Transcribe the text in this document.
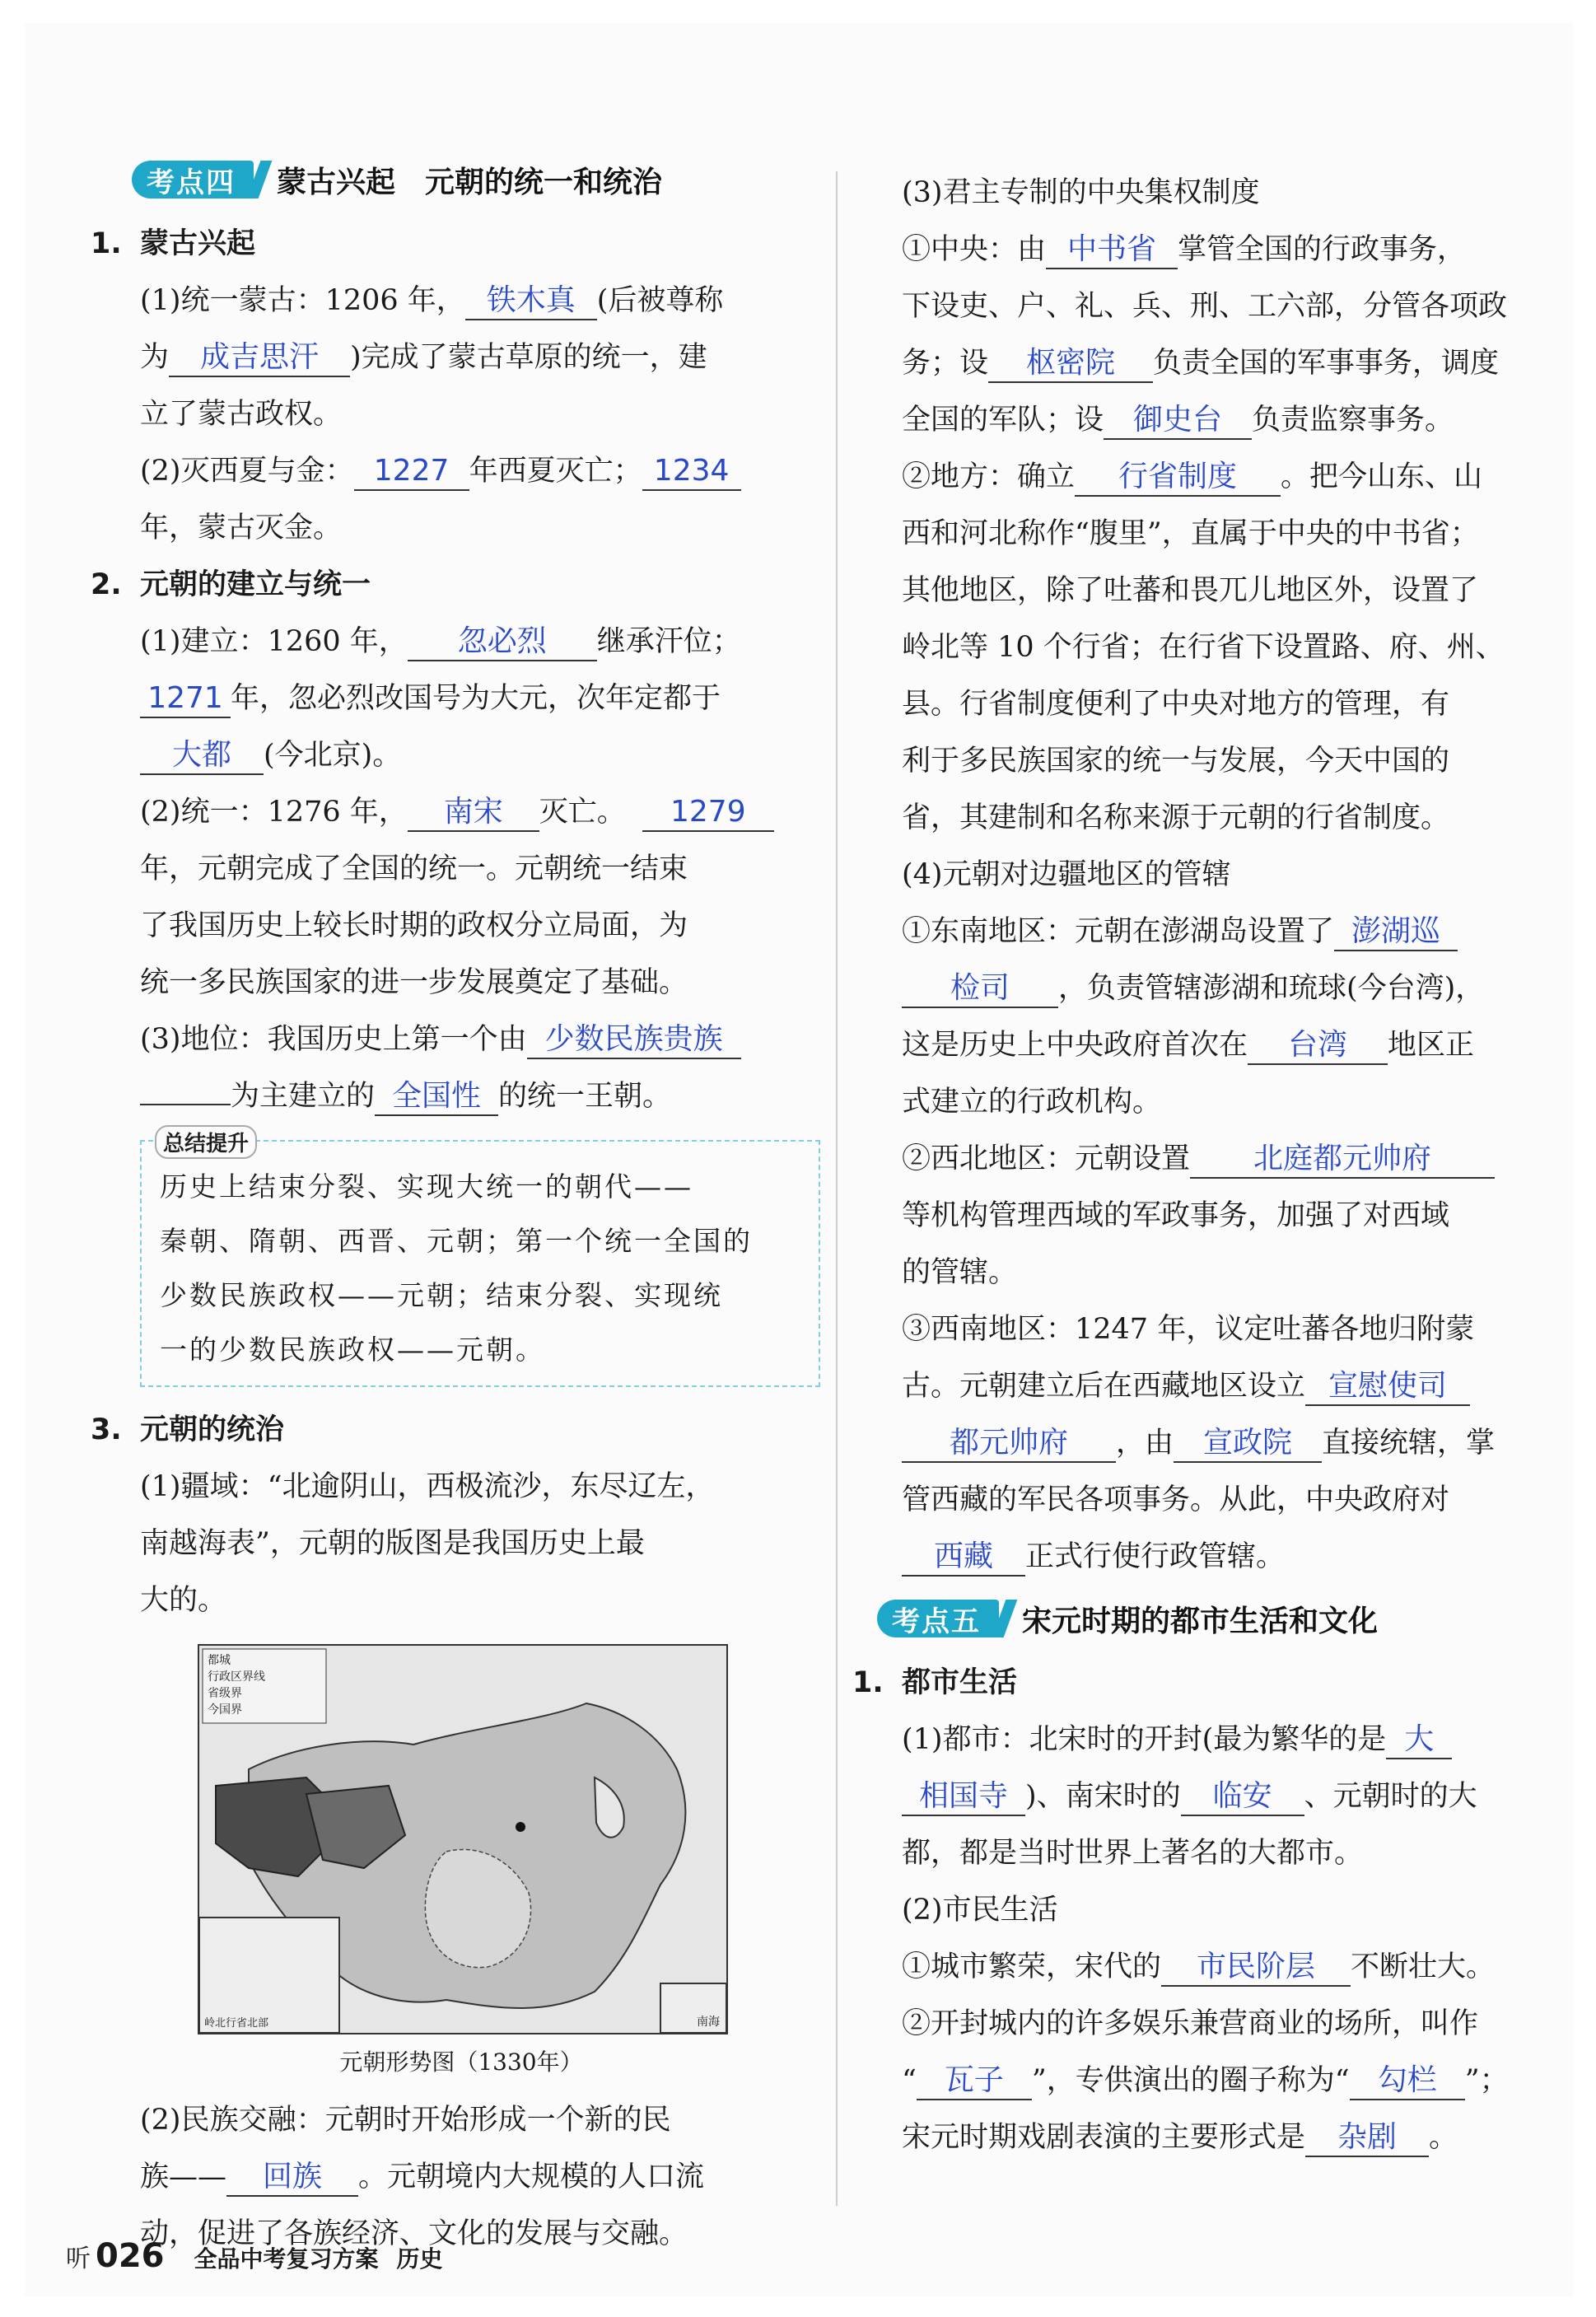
考点四	蒙古兴起　元朝的统一和统治

1. 蒙古兴起

(1)统一蒙古：1206 年， 铁木真 (后被尊称

为 成吉思汗 )完成了蒙古草原的统一，建

立了蒙古政权。

(2)灭西夏与金： 1227 年西夏灭亡； 1234

年，蒙古灭金。

2. 元朝的建立与统一

(1)建立：1260 年， 忽必烈 继承汗位；

1271 年，忽必烈改国号为大元，次年定都于

大都 (今北京)。

(2)统一：1276 年， 南宋 灭亡。 1279

年，元朝完成了全国的统一。元朝统一结束

了我国历史上较长时期的政权分立局面，为

统一多民族国家的进一步发展奠定了基础。

(3)地位：我国历史上第一个由 少数民族贵族

为主建立的 全国性 的统一王朝。

总结提升

历史上结束分裂、实现大统一的朝代——

秦朝、隋朝、西晋、元朝；第一个统一全国的

少数民族政权——元朝；结束分裂、实现统

一的少数民族政权——元朝。

3. 元朝的统治

(1)疆域：“北逾阴山，西极流沙，东尽辽左，

南越海表”，元朝的版图是我国历史上最

大的。

都城
行政区界线
省级界
今国界
岭北行省北部	南海
元朝形势图（1330年）

(2)民族交融：元朝时开始形成一个新的民

族—— 回族 。元朝境内大规模的人口流

动，促进了各族经济、文化的发展与交融。

(3)君主专制的中央集权制度

①中央：由 中书省 掌管全国的行政事务，

下设吏、户、礼、兵、刑、工六部，分管各项政

务；设 枢密院 负责全国的军事事务，调度

全国的军队；设 御史台 负责监察事务。

②地方：确立 行省制度 。把今山东、山

西和河北称作“腹里”，直属于中央的中书省；

其他地区，除了吐蕃和畏兀儿地区外，设置了

岭北等 10 个行省；在行省下设置路、府、州、

县。行省制度便利了中央对地方的管理，有

利于多民族国家的统一与发展，今天中国的

省，其建制和名称来源于元朝的行省制度。

(4)元朝对边疆地区的管辖

①东南地区：元朝在澎湖岛设置了 澎湖巡

检司 ，负责管辖澎湖和琉球(今台湾)，

这是历史上中央政府首次在 台湾 地区正

式建立的行政机构。

②西北地区：元朝设置 北庭都元帅府

等机构管理西域的军政事务，加强了对西域

的管辖。

③西南地区：1247 年，议定吐蕃各地归附蒙

古。元朝建立后在西藏地区设立 宣慰使司

都元帅府 ，由 宣政院 直接统辖，掌

管西藏的军民各项事务。从此，中央政府对

西藏 正式行使行政管辖。

考点五	宋元时期的都市生活和文化

1. 都市生活

(1)都市：北宋时的开封(最为繁华的是 大

相国寺 )、南宋时的 临安 、元朝时的大

都，都是当时世界上著名的大都市。

(2)市民生活

①城市繁荣，宋代的 市民阶层 不断壮大。

②开封城内的许多娱乐兼营商业的场所，叫作

“ 瓦子 ”，专供演出的圈子称为“ 勾栏 ”；

宋元时期戏剧表演的主要形式是 杂剧 。

听 026 全品中考复习方案 历史
